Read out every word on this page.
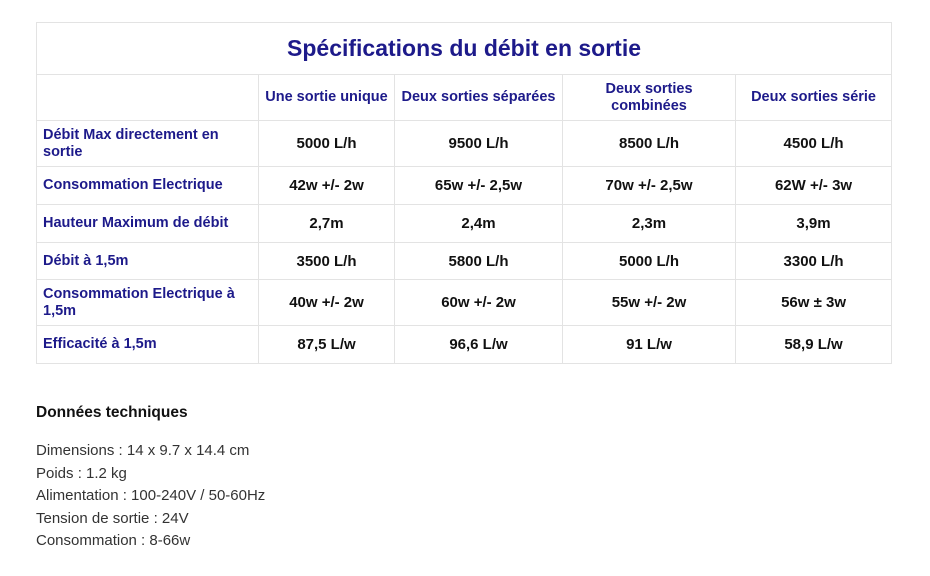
Spécifications du débit en sortie				
	Une sortie unique	Deux sorties séparées	Deux sorties combinées	Deux sorties série
Débit Max directement en sortie	5000 L/h	9500 L/h	8500 L/h	4500 L/h
Consommation Electrique	42w +/- 2w	65w +/- 2,5w	70w +/- 2,5w	62W +/- 3w
Hauteur Maximum de débit	2,7m	2,4m	2,3m	3,9m
Débit à 1,5m	3500 L/h	5800 L/h	5000 L/h	3300 L/h
Consommation Electrique à 1,5m	40w +/- 2w	60w +/- 2w	55w +/- 2w	56w ± 3w
Efficacité à 1,5m	87,5 L/w	96,6 L/w	91 L/w	58,9 L/w
Données techniques
Dimensions : 14 x 9.7 x 14.4 cm
Poids : 1.2 kg
Alimentation : 100-240V / 50-60Hz
Tension de sortie : 24V
Consommation : 8-66w
